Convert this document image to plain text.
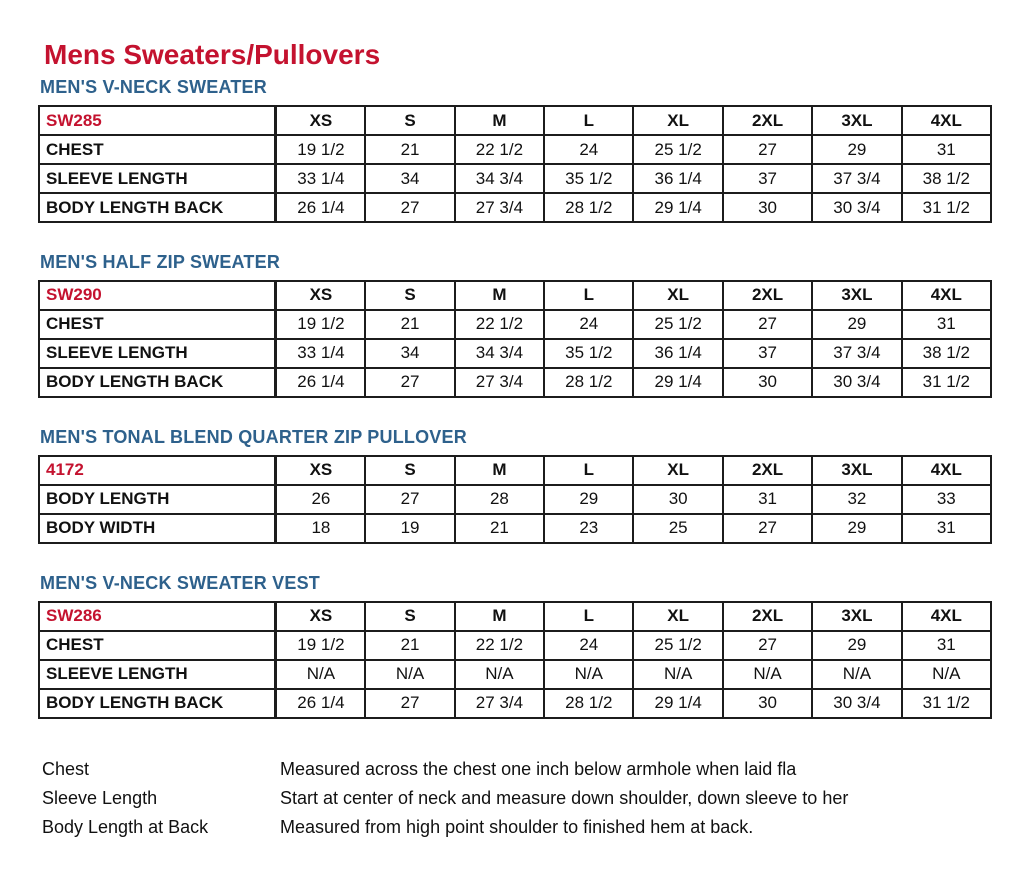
Mens Sweaters/Pullovers
MEN'S V-NECK SWEATER
SW285	XS	S	M	L	XL	2XL	3XL	4XL
CHEST	19 1/2	21	22 1/2	24	25 1/2	27	29	31
SLEEVE LENGTH	33 1/4	34	34 3/4	35 1/2	36 1/4	37	37 3/4	38 1/2
BODY LENGTH BACK	26 1/4	27	27 3/4	28 1/2	29 1/4	30	30 3/4	31 1/2
MEN'S HALF ZIP SWEATER
SW290	XS	S	M	L	XL	2XL	3XL	4XL
CHEST	19 1/2	21	22 1/2	24	25 1/2	27	29	31
SLEEVE LENGTH	33 1/4	34	34 3/4	35 1/2	36 1/4	37	37 3/4	38 1/2
BODY LENGTH BACK	26 1/4	27	27 3/4	28 1/2	29 1/4	30	30 3/4	31 1/2
MEN'S TONAL BLEND QUARTER ZIP PULLOVER
4172	XS	S	M	L	XL	2XL	3XL	4XL
BODY LENGTH	26	27	28	29	30	31	32	33
BODY WIDTH	18	19	21	23	25	27	29	31
MEN'S V-NECK SWEATER VEST
SW286	XS	S	M	L	XL	2XL	3XL	4XL
CHEST	19 1/2	21	22 1/2	24	25 1/2	27	29	31
SLEEVE LENGTH	N/A	N/A	N/A	N/A	N/A	N/A	N/A	N/A
BODY LENGTH BACK	26 1/4	27	27 3/4	28 1/2	29 1/4	30	30 3/4	31 1/2
Chest	Measured across the chest one inch below armhole when laid fla
Sleeve Length	Start at center of neck and measure down shoulder, down sleeve to her
Body Length at Back	Measured from high point shoulder to finished hem at back.
